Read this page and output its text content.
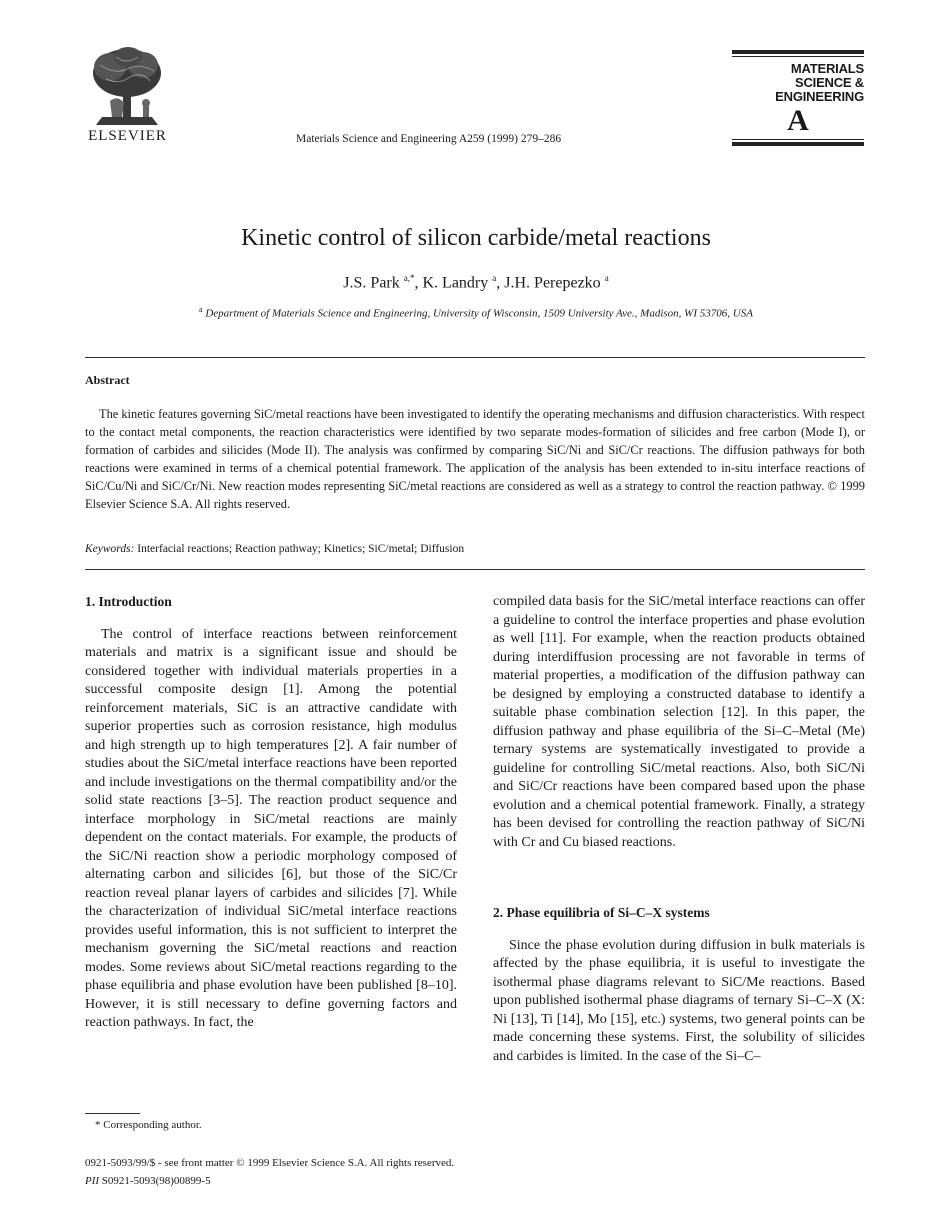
ELSEVIER	Materials Science and Engineering A259 (1999) 279–286
MATERIALS
SCIENCE &
ENGINEERING
A
Kinetic control of silicon carbide/metal reactions
J.S. Park $^{a,*}$, K. Landry $^a$, J.H. Perepezko $^a$
$^a$ Department of Materials Science and Engineering, University of Wisconsin, 1509 University Ave., Madison, WI 53706, USA
Abstract
The kinetic features governing SiC/metal reactions have been investigated to identify the operating mechanisms and diffusion characteristics. With respect to the contact metal components, the reaction characteristics were identified by two separate modes-formation of silicides and free carbon (Mode I), or formation of carbides and silicides (Mode II). The analysis was confirmed by comparing SiC/Ni and SiC/Cr reactions. The diffusion pathways for both reactions were examined in terms of a chemical potential framework. The application of the analysis has been extended to in-situ interface reactions of SiC/Cu/Ni and SiC/Cr/Ni. New reaction modes representing SiC/metal reactions are considered as well as a strategy to control the reaction pathway. © 1999 Elsevier Science S.A. All rights reserved.
Keywords: Interfacial reactions; Reaction pathway; Kinetics; SiC/metal; Diffusion
1. Introduction

The control of interface reactions between reinforcement materials and matrix is a significant issue and should be considered together with individual materials properties in a successful composite design [1]. Among the potential reinforcement materials, SiC is an attractive candidate with superior properties such as corrosion resistance, high modulus and high strength up to high temperatures [2]. A fair number of studies about the SiC/metal interface reactions have been reported and include investigations on the thermal compatibility and/or the solid state reactions [3–5]. The reaction product sequence and interface morphology in SiC/metal reactions are mainly dependent on the contact materials. For example, the products of the SiC/Ni reaction show a periodic morphology composed of alternating carbon and silicides [6], but those of the SiC/Cr reaction reveal planar layers of carbides and silicides [7]. While the characterization of individual SiC/metal interface reactions provides useful information, this is not sufficient to interpret the mechanism governing the SiC/metal reactions and reaction modes. Some reviews about SiC/metal reactions regarding to the phase equilibria and phase evolution have been published [8–10]. However, it is still necessary to define governing factors and reaction pathways. In fact, the

compiled data basis for the SiC/metal interface reactions can offer a guideline to control the interface properties and phase evolution as well [11]. For example, when the reaction products obtained during interdiffusion processing are not favorable in terms of material properties, a modification of the diffusion pathway can be designed by employing a constructed database to identify a suitable phase combination selection [12]. In this paper, the diffusion pathway and phase equilibria of the Si–C–Metal (Me) ternary systems are systematically investigated to provide a guideline for controlling SiC/metal reactions. Also, both SiC/Ni and SiC/Cr reactions have been compared based upon the phase evolution and a chemical potential framework. Finally, a strategy has been devised for controlling the reaction pathway of SiC/Ni with Cr and Cu biased reactions.

2. Phase equilibria of Si–C–X systems

Since the phase evolution during diffusion in bulk materials is affected by the phase equilibria, it is useful to investigate the isothermal phase diagrams relevant to SiC/Me reactions. Based upon published isothermal phase diagrams of ternary Si–C–X (X: Ni [13], Ti [14], Mo [15], etc.) systems, two general points can be made concerning these systems. First, the solubility of silicides and carbides is limited. In the case of the Si–C–

* Corresponding author.
0921-5093/99/$ - see front matter © 1999 Elsevier Science S.A. All rights reserved.
PII S0921-5093(98)00899-5
